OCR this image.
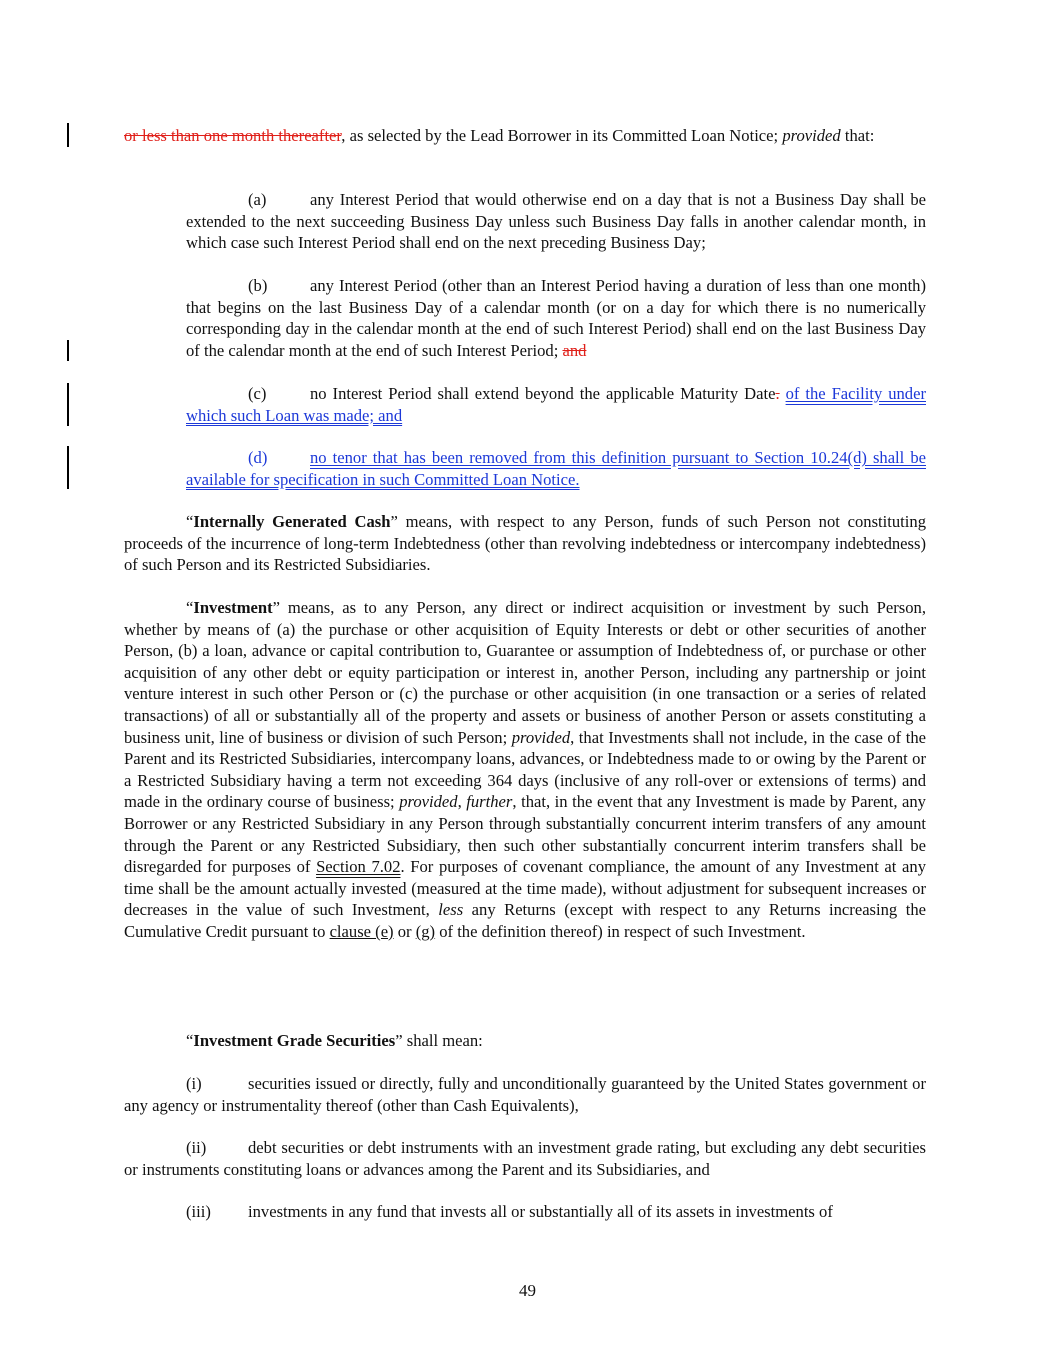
or less than one month thereafter, as selected by the Lead Borrower in its Committed Loan Notice; provided that:

(a)	any Interest Period that would otherwise end on a day that is not a Business Day shall be extended to the next succeeding Business Day unless such Business Day falls in another calendar month, in which case such Interest Period shall end on the next preceding Business Day;

(b)	any Interest Period (other than an Interest Period having a duration of less than one month) that begins on the last Business Day of a calendar month (or on a day for which there is no numerically corresponding day in the calendar month at the end of such Interest Period) shall end on the last Business Day of the calendar month at the end of such Interest Period; and

(c)	no Interest Period shall extend beyond the applicable Maturity Date. of the Facility under which such Loan was made; and

(d)	no tenor that has been removed from this definition pursuant to Section 10.24(d) shall be available for specification in such Committed Loan Notice.

“Internally Generated Cash” means, with respect to any Person, funds of such Person not constituting proceeds of the incurrence of long-term Indebtedness (other than revolving indebtedness or intercompany indebtedness) of such Person and its Restricted Subsidiaries.

“Investment” means, as to any Person, any direct or indirect acquisition or investment by such Person, whether by means of (a) the purchase or other acquisition of Equity Interests or debt or other securities of another Person, (b) a loan, advance or capital contribution to, Guarantee or assumption of Indebtedness of, or purchase or other acquisition of any other debt or equity participation or interest in, another Person, including any partnership or joint venture interest in such other Person or (c) the purchase or other acquisition (in one transaction or a series of related transactions) of all or substantially all of the property and assets or business of another Person or assets constituting a business unit, line of business or division of such Person; provided, that Investments shall not include, in the case of the Parent and its Restricted Subsidiaries, intercompany loans, advances, or Indebtedness made to or owing by the Parent or a Restricted Subsidiary having a term not exceeding 364 days (inclusive of any roll-over or extensions of terms) and made in the ordinary course of business; provided, further, that, in the event that any Investment is made by Parent, any Borrower or any Restricted Subsidiary in any Person through substantially concurrent interim transfers of any amount through the Parent or any Restricted Subsidiary, then such other substantially concurrent interim transfers shall be disregarded for purposes of Section 7.02. For purposes of covenant compliance, the amount of any Investment at any time shall be the amount actually invested (measured at the time made), without adjustment for subsequent increases or decreases in the value of such Investment, less any Returns (except with respect to any Returns increasing the Cumulative Credit pursuant to clause (e) or (g) of the definition thereof) in respect of such Investment.

“Investment Grade Securities” shall mean:

(i)	securities issued or directly, fully and unconditionally guaranteed by the United States government or any agency or instrumentality thereof (other than Cash Equivalents),

(ii)	debt securities or debt instruments with an investment grade rating, but excluding any debt securities or instruments constituting loans or advances among the Parent and its Subsidiaries, and

(iii) investments in any fund that invests all or substantially all of its assets in investments of

49
